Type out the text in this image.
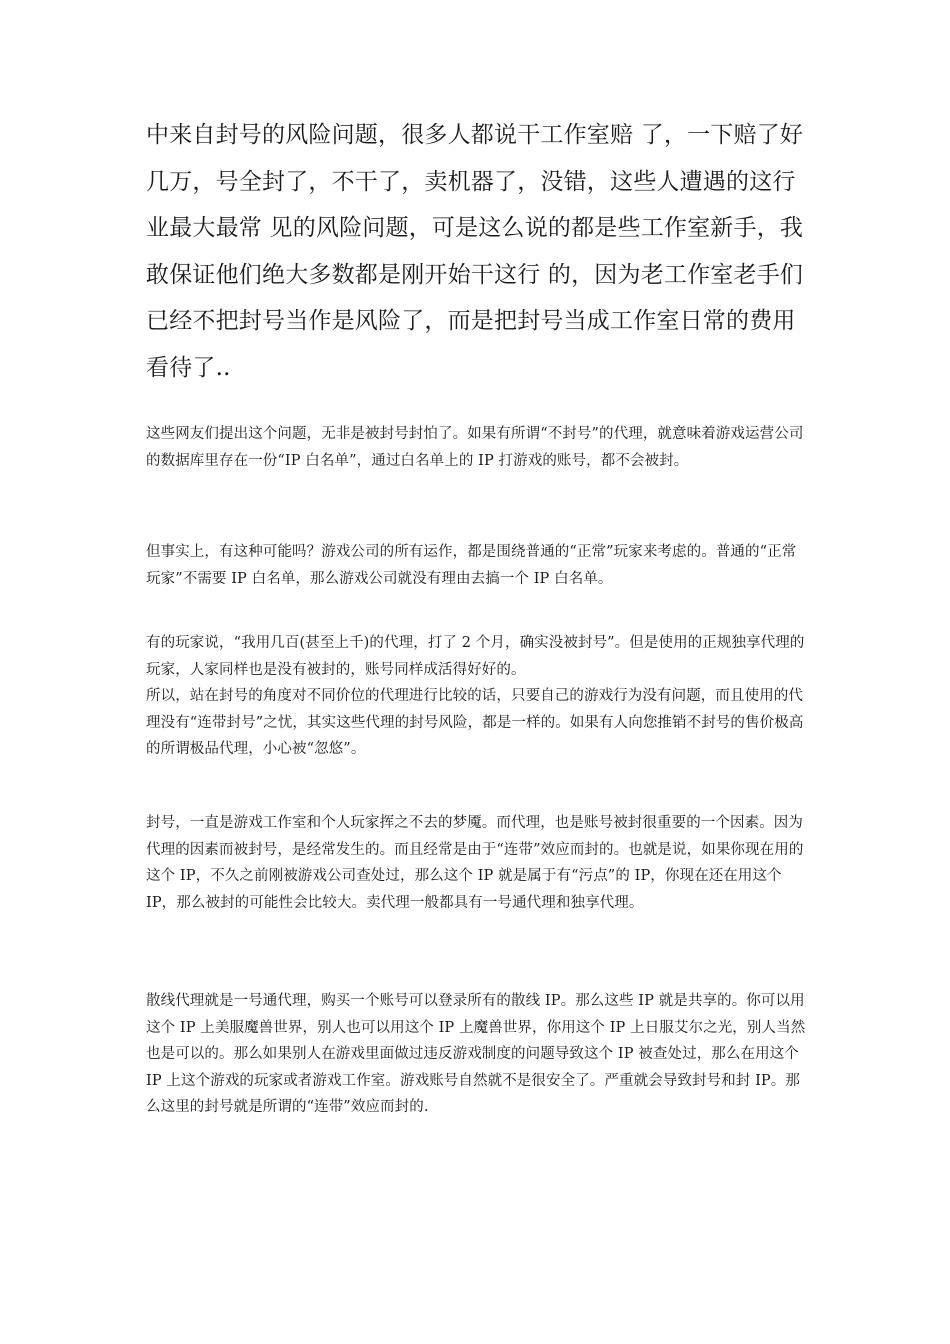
中来自封号的风险问题，很多人都说干工作室赔 了，一下赔了好几万，号全封了，不干了，卖机器了，没错，这些人遭遇的这行业最大最常 见的风险问题，可是这么说的都是些工作室新手，我敢保证他们绝大多数都是刚开始干这行 的，因为老工作室老手们已经不把封号当作是风险了，而是把封号当成工作室日常的费用看待了..

这些网友们提出这个问题，无非是被封号封怕了。如果有所谓“不封号”的代理，就意味着游戏运营公司的数据库里存在一份“IP 白名单”，通过白名单上的 IP 打游戏的账号，都不会被封。

但事实上，有这种可能吗？游戏公司的所有运作，都是围绕普通的“正常”玩家来考虑的。普通的“正常玩家”不需要 IP 白名单，那么游戏公司就没有理由去搞一个 IP 白名单。

有的玩家说，“我用几百(甚至上千)的代理，打了 2 个月，确实没被封号”。但是使用的正规独享代理的玩家，人家同样也是没有被封的，账号同样成活得好好的。
所以，站在封号的角度对不同价位的代理进行比较的话，只要自己的游戏行为没有问题，而且使用的代理没有“连带封号”之忧，其实这些代理的封号风险，都是一样的。如果有人向您推销不封号的售价极高的所谓极品代理，小心被“忽悠”。

封号，一直是游戏工作室和个人玩家挥之不去的梦魇。而代理，也是账号被封很重要的一个因素。因为代理的因素而被封号，是经常发生的。而且经常是由于“连带”效应而封的。也就是说，如果你现在用的这个 IP，不久之前刚被游戏公司查处过，那么这个 IP 就是属于有“污点”的 IP，你现在还在用这个 IP，那么被封的可能性会比较大。卖代理一般都具有一号通代理和独享代理。

散线代理就是一号通代理，购买一个账号可以登录所有的散线 IP。那么这些 IP 就是共享的。你可以用这个 IP 上美服魔兽世界，别人也可以用这个 IP 上魔兽世界，你用这个 IP 上日服艾尔之光，别人当然也是可以的。那么如果别人在游戏里面做过违反游戏制度的问题导致这个 IP 被查处过，那么在用这个 IP 上这个游戏的玩家或者游戏工作室。游戏账号自然就不是很安全了。严重就会导致封号和封 IP。那么这里的封号就是所谓的“连带”效应而封的.
